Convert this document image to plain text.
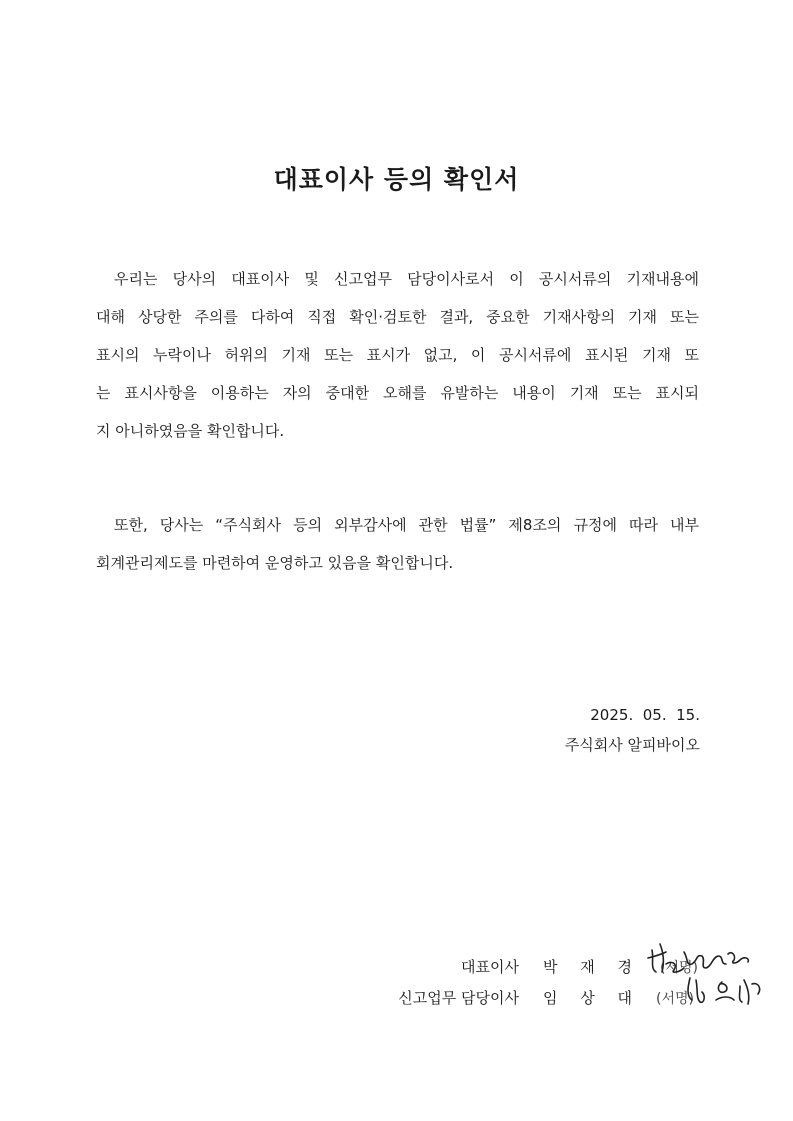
대표이사 등의 확인서
우리는 당사의 대표이사 및 신고업무 담당이사로서 이 공시서류의 기재내용에
대해 상당한 주의를 다하여 직접 확인·검토한 결과, 중요한 기재사항의 기재 또는
표시의 누락이나 허위의 기재 또는 표시가 없고, 이 공시서류에 표시된 기재 또
는 표시사항을 이용하는 자의 중대한 오해를 유발하는 내용이 기재 또는 표시되
지 아니하였음을 확인합니다.
또한, 당사는 “주식회사 등의 외부감사에 관한 법률” 제8조의 규정에 따라 내부
회계관리제도를 마련하여 운영하고 있음을 확인합니다.
2025.  05.  15.
주식회사 알피바이오
대표이사 박 재 경
신고업무 담당이사 임 상 대
(서명)
(서명)
